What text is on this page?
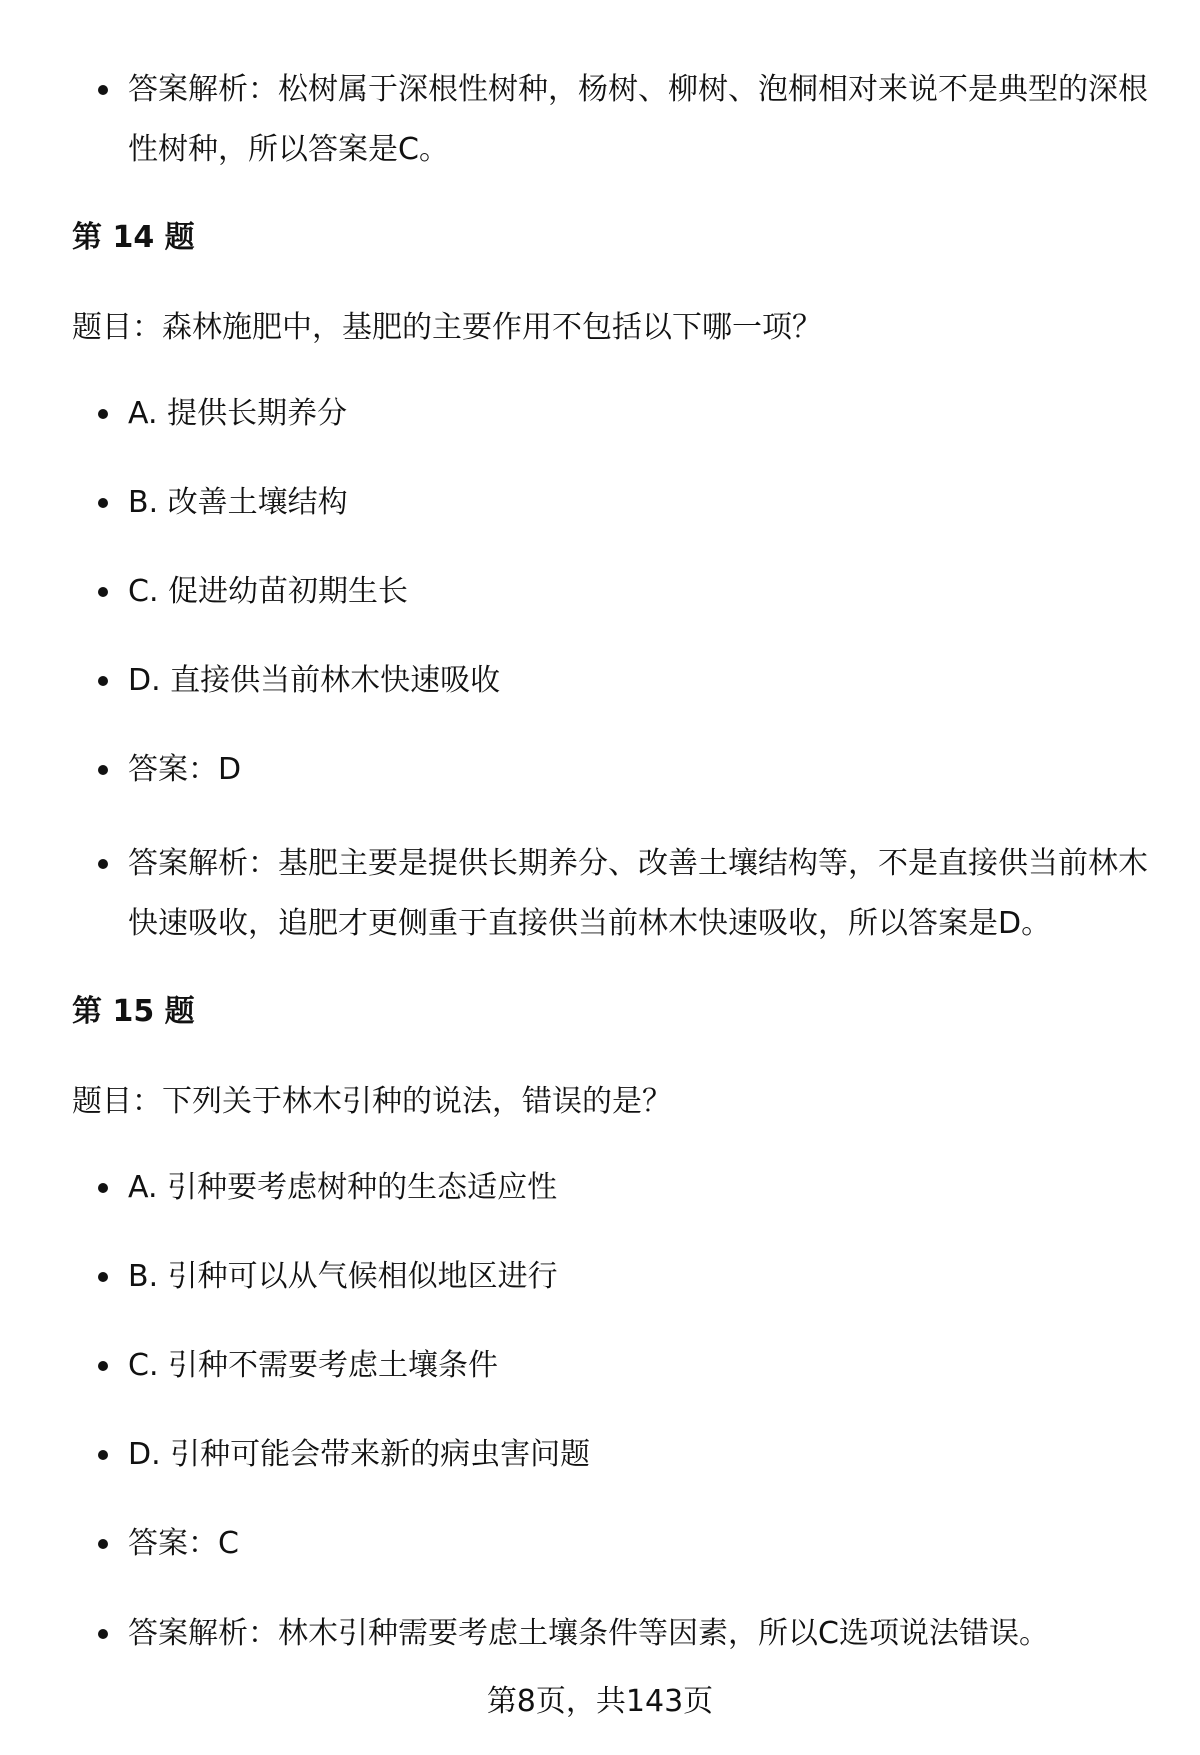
答案解析：松树属于深根性树种，杨树、柳树、泡桐相对来说不是典型的深根性树种，所以答案是C。
第 14 题
题目：森林施肥中，基肥的主要作用不包括以下哪一项？
A. 提供长期养分
B. 改善土壤结构
C. 促进幼苗初期生长
D. 直接供当前林木快速吸收
答案：D
答案解析：基肥主要是提供长期养分、改善土壤结构等，不是直接供当前林木快速吸收，追肥才更侧重于直接供当前林木快速吸收，所以答案是D。
第 15 题
题目：下列关于林木引种的说法，错误的是？
A. 引种要考虑树种的生态适应性
B. 引种可以从气候相似地区进行
C. 引种不需要考虑土壤条件
D. 引种可能会带来新的病虫害问题
答案：C
答案解析：林木引种需要考虑土壤条件等因素，所以C选项说法错误。
第8页，共143页
